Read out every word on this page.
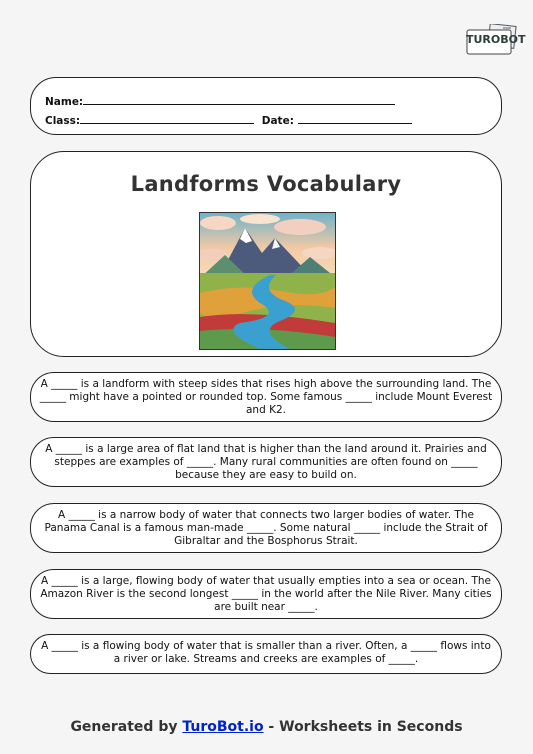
TUROBOT
Name:
Class:	Date:
Landforms Vocabulary
A _____ is a landform with steep sides that rises high above the surrounding land. The _____ might have a pointed or rounded top. Some famous _____ include Mount Everest and K2.
A _____ is a large area of flat land that is higher than the land around it. Prairies and steppes are examples of _____. Many rural communities are often found on _____ because they are easy to build on.
A _____ is a narrow body of water that connects two larger bodies of water. The Panama Canal is a famous man-made _____. Some natural _____ include the Strait of Gibraltar and the Bosphorus Strait.
A _____ is a large, flowing body of water that usually empties into a sea or ocean. The Amazon River is the second longest _____ in the world after the Nile River. Many cities are built near _____.
A _____ is a flowing body of water that is smaller than a river. Often, a _____ flows into a river or lake. Streams and creeks are examples of _____.
Generated by TuroBot.io - Worksheets in Seconds
